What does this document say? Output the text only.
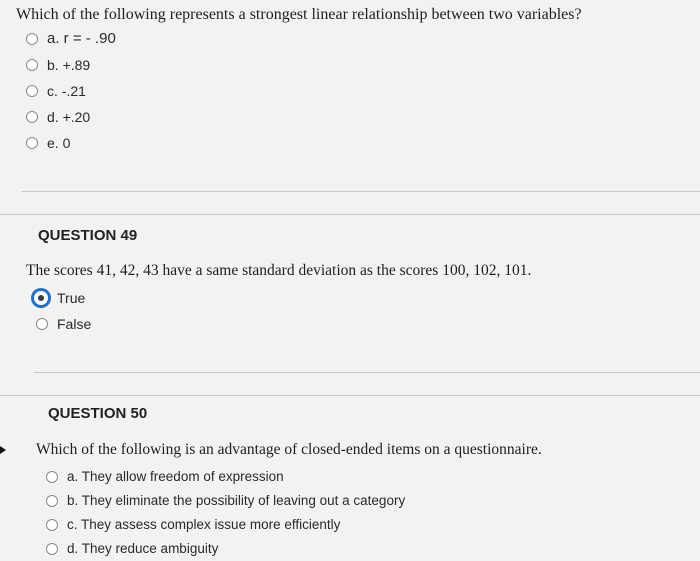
Which of the following represents a strongest linear relationship between two variables?
a. r = - .90
b. +.89
c. -.21
d. +.20
e. 0
QUESTION 49
The scores 41, 42, 43 have a same standard deviation as the scores 100, 102, 101.
True
False
QUESTION 50
Which of the following is an advantage of closed-ended items on a questionnaire.
a. They allow freedom of expression
b. They eliminate the possibility of leaving out a category
c. They assess complex issue more efficiently
d. They reduce ambiguity
